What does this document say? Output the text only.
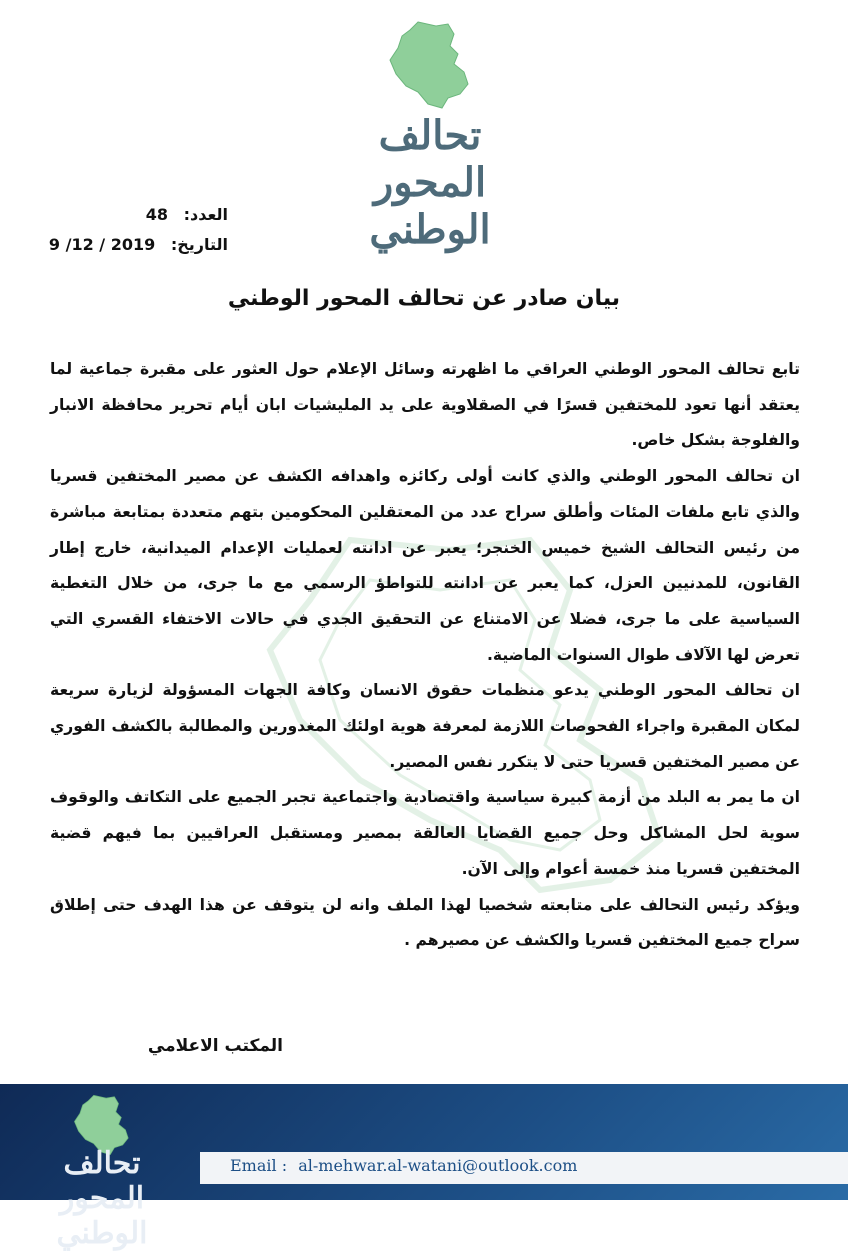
تحالف المحور الوطني
العدد: 48
التاريخ: 9 /12 / 2019
بيان صادر عن تحالف المحور الوطني

تابع تحالف المحور الوطني العراقي ما اظهرته وسائل الإعلام حول العثور على مقبرة جماعية لما يعتقد أنها تعود للمختفين قسرًا في الصقلاوية على يد المليشيات ابان أيام تحرير محافظة الانبار والفلوجة بشكل خاص.

ان تحالف المحور الوطني والذي كانت أولى ركائزه واهدافه الكشف عن مصير المختفين قسريا والذي تابع ملفات المئات وأطلق سراح عدد من المعتقلين المحكومين بتهم متعددة بمتابعة مباشرة من رئيس التحالف الشيخ خميس الخنجر؛ يعبر عن ادانته لعمليات الإعدام الميدانية، خارج إطار القانون، للمدنيين العزل، كما يعبر عن ادانته للتواطؤ الرسمي مع ما جرى، من خلال التغطية السياسية على ما جرى، فضلا عن الامتناع عن التحقيق الجدي في حالات الاختفاء القسري التي تعرض لها الآلاف طوال السنوات الماضية.

ان تحالف المحور الوطني يدعو منظمات حقوق الانسان وكافة الجهات المسؤولة لزيارة سريعة لمكان المقبرة واجراء الفحوصات اللازمة لمعرفة هوية اولئك المغدورين والمطالبة بالكشف الفوري عن مصير المختفين قسريا حتى لا يتكرر نفس المصير.

ان ما يمر به البلد من أزمة كبيرة سياسية واقتصادية واجتماعية تجبر الجميع على التكاتف والوقوف سوية لحل المشاكل وحل جميع القضايا العالقة بمصير ومستقبل العراقيين بما فيهم قضية المختفين قسريا منذ خمسة أعوام وإلى الآن.

ويؤكد رئيس التحالف على متابعته شخصيا لهذا الملف وانه لن يتوقف عن هذا الهدف حتى إطلاق سراح جميع المختفين قسريا والكشف عن مصيرهم .

المكتب الاعلامي
تحالف المحور الوطني
Email : al-mehwar.al-watani@outlook.com
